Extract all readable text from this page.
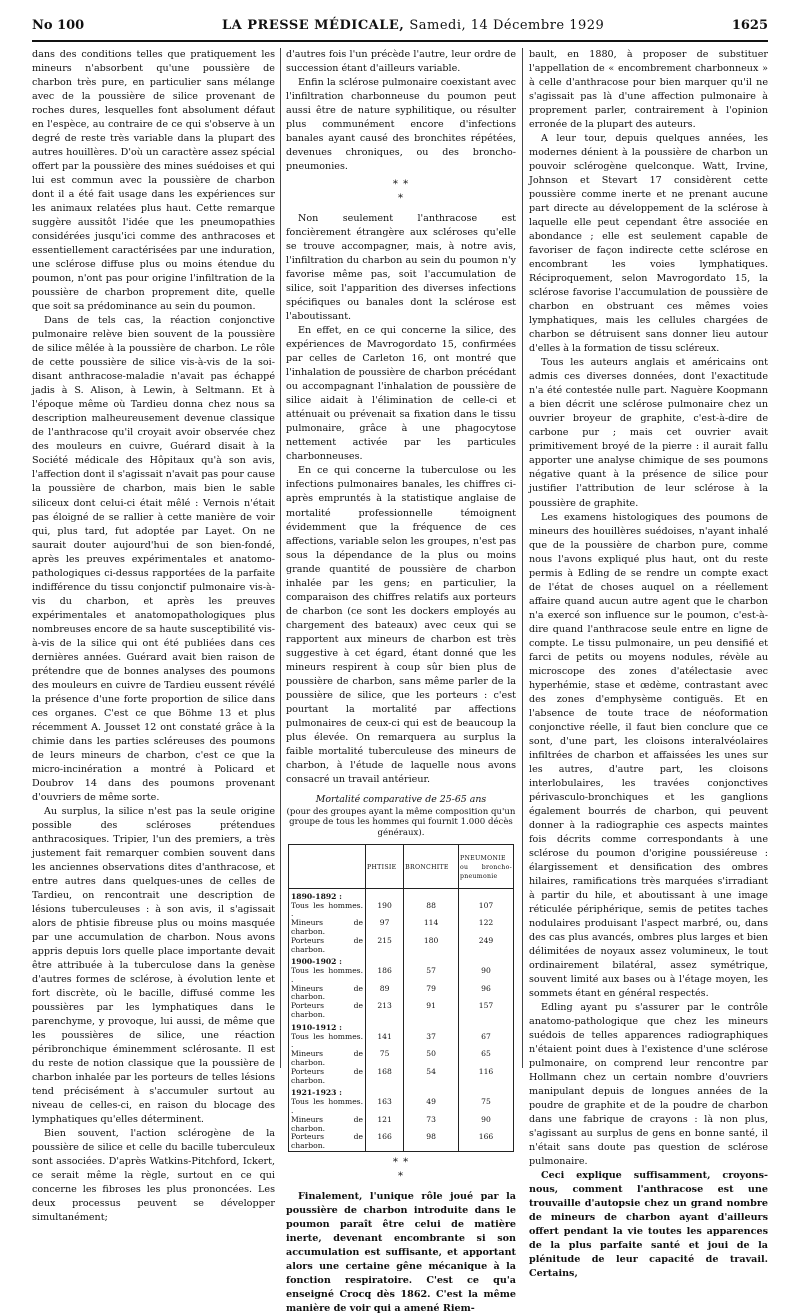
No 100	LA PRESSE MÉDICALE, Samedi, 14 Décembre 1929	1625

dans des conditions telles que pratiquement les mineurs n'absorbent qu'une poussière de charbon très pure, en particulier sans mélange avec de la poussière de silice provenant de roches dures, lesquelles font absolument défaut en l'espèce, au contraire de ce qui s'observe à un degré de reste très variable dans la plupart des autres houillères. D'où un caractère assez spécial offert par la poussière des mines suédoises et qui lui est commun avec la poussière de charbon dont il a été fait usage dans les expériences sur les animaux relatées plus haut. Cette remarque suggère aussitôt l'idée que les pneumopathies considérées jusqu'ici comme des anthracoses et essentiellement caractérisées par une induration, une sclérose diffuse plus ou moins étendue du poumon, n'ont pas pour origine l'infiltration de la poussière de charbon proprement dite, quelle que soit sa prédominance au sein du poumon.

Dans de tels cas, la réaction conjonctive pulmonaire relève bien souvent de la poussière de silice mêlée à la poussière de charbon. Le rôle de cette poussière de silice vis-à-vis de la soi-disant anthracose-maladie n'avait pas échappé jadis à S. Alison, à Lewin, à Seltmann. Et à l'époque même où Tardieu donna chez nous sa description malheureusement devenue classique de l'anthracose qu'il croyait avoir observée chez des mouleurs en cuivre, Guérard disait à la Société médicale des Hôpitaux qu'à son avis, l'affection dont il s'agissait n'avait pas pour cause la poussière de charbon, mais bien le sable siliceux dont celui-ci était mêlé : Vernois n'était pas éloigné de se rallier à cette manière de voir qui, plus tard, fut adoptée par Layet. On ne saurait douter aujourd'hui de son bien-fondé, après les preuves expérimentales et anatomo-pathologiques ci-dessus rapportées de la parfaite indifférence du tissu conjonctif pulmonaire vis-à-vis du charbon, et après les preuves expérimentales et anatomopathologiques plus nombreuses encore de sa haute susceptibilité vis-à-vis de la silice qui ont été publiées dans ces dernières années. Guérard avait bien raison de prétendre que de bonnes analyses des poumons des mouleurs en cuivre de Tardieu eussent révélé la présence d'une forte proportion de silice dans ces organes. C'est ce que Böhme 13 et plus récemment A. Jousset 12 ont constaté grâce à la chimie dans les parties scléreuses des poumons de leurs mineurs de charbon, c'est ce que la micro-incinération a montré à Policard et Doubrov 14 dans des poumons provenant d'ouvriers de même sorte.

Au surplus, la silice n'est pas la seule origine possible des scléroses prétendues anthracosiques. Tripier, l'un des premiers, a très justement fait remarquer combien souvent dans les anciennes observations dites d'anthracose, et entre autres dans quelques-unes de celles de Tardieu, on rencontrait une description de lésions tuberculeuses : à son avis, il s'agissait alors de phtisie fibreuse plus ou moins masquée par une accumulation de charbon. Nous avons appris depuis lors quelle place importante devait être attribuée à la tuberculose dans la genèse d'autres formes de sclérose, à évolution lente et fort discrète, où le bacille, diffusé comme les poussières par les lymphatiques dans le parenchyme, y provoque, lui aussi, de même que les poussières de silice, une réaction péribronchique éminemment sclérosante. Il est du reste de notion classique que la poussière de charbon inhalée par les porteurs de telles lésions tend précisément à s'accumuler surtout au niveau de celles-ci, en raison du blocage des lymphatiques qu'elles déterminent.

Bien souvent, l'action sclérogène de la poussière de silice et celle du bacille tuberculeux sont associées. D'après Watkins-Pitchford, Ickert, ce serait même la règle, surtout en ce qui concerne les fibroses les plus prononcées. Les deux processus peuvent se développer simultanément;

d'autres fois l'un précède l'autre, leur ordre de succession étant d'ailleurs variable.

Enfin la sclérose pulmonaire coexistant avec l'infiltration charbonneuse du poumon peut aussi être de nature syphilitique, ou résulter plus communément encore d'infections banales ayant causé des bronchites répétées, devenues chroniques, ou des broncho-pneumonies.

* *
*

Non seulement l'anthracose est foncièrement étrangère aux scléroses qu'elle se trouve accompagner, mais, à notre avis, l'infiltration du charbon au sein du poumon n'y favorise même pas, soit l'accumulation de silice, soit l'apparition des diverses infections spécifiques ou banales dont la sclérose est l'aboutissant.

En effet, en ce qui concerne la silice, des expériences de Mavrogordato 15, confirmées par celles de Carleton 16, ont montré que l'inhalation de poussière de charbon précédant ou accompagnant l'inhalation de poussière de silice aidait à l'élimination de celle-ci et atténuait ou prévenait sa fixation dans le tissu pulmonaire, grâce à une phagocytose nettement activée par les particules charbonneuses.

En ce qui concerne la tuberculose ou les infections pulmonaires banales, les chiffres ci-après empruntés à la statistique anglaise de mortalité professionnelle témoignent évidemment que la fréquence de ces affections, variable selon les groupes, n'est pas sous la dépendance de la plus ou moins grande quantité de poussière de charbon inhalée par les gens; en particulier, la comparaison des chiffres relatifs aux porteurs de charbon (ce sont les dockers employés au chargement des bateaux) avec ceux qui se rapportent aux mineurs de charbon est très suggestive à cet égard, étant donné que les mineurs respirent à coup sûr bien plus de poussière de charbon, sans même parler de la poussière de silice, que les porteurs : c'est pourtant la mortalité par affections pulmonaires de ceux-ci qui est de beaucoup la plus élevée. On remarquera au surplus la faible mortalité tuberculeuse des mineurs de charbon, à l'étude de laquelle nous avons consacré un travail antérieur.

Mortalité comparative de 25-65 ans
(pour des groupes ayant la même composition qu'un groupe de tous les hommes qui fournit 1.000 décès généraux).
	PHTISIE	BRONCHITE	PNEUMONIE ou broncho-pneumonie
1890-1892 :			
Tous les hommes. .	190	88	107
Mineurs de charbon.	97	114	122
Porteurs de charbon.	215	180	249
1900-1902 :			
Tous les hommes. .	186	57	90
Mineurs de charbon.	89	79	96
Porteurs de charbon.	213	91	157
1910-1912 :			
Tous les hommes. .	141	37	67
Mineurs de charbon.	75	50	65
Porteurs de charbon.	168	54	116
1921-1923 :			
Tous les hommes. .	163	49	75
Mineurs de charbon.	121	73	90
Porteurs de charbon.	166	98	166
* *
*

Finalement, l'unique rôle joué par la poussière de charbon introduite dans le poumon paraît être celui de matière inerte, devenant encombrante si son accumulation est suffisante, et apportant alors une certaine gêne mécanique à la fonction respiratoire. C'est ce qu'a enseigné Crocq dès 1862. C'est la même manière de voir qui a amené Riem-

bault, en 1880, à proposer de substituer l'appellation de « encombrement charbonneux » à celle d'anthracose pour bien marquer qu'il ne s'agissait pas là d'une affection pulmonaire à proprement parler, contrairement à l'opinion erronée de la plupart des auteurs.

A leur tour, depuis quelques années, les modernes dénient à la poussière de charbon un pouvoir sclérogène quelconque. Watt, Irvine, Johnson et Stevart 17 considèrent cette poussière comme inerte et ne prenant aucune part directe au développement de la sclérose à laquelle elle peut cependant être associée en abondance ; elle est seulement capable de favoriser de façon indirecte cette sclérose en encombrant les voies lymphatiques. Réciproquement, selon Mavrogordato 15, la sclérose favorise l'accumulation de poussière de charbon en obstruant ces mêmes voies lymphatiques, mais les cellules chargées de charbon se détruisent sans donner lieu autour d'elles à la formation de tissu scléreux.

Tous les auteurs anglais et américains ont admis ces diverses données, dont l'exactitude n'a été contestée nulle part. Naguère Koopmann a bien décrit une sclérose pulmonaire chez un ouvrier broyeur de graphite, c'est-à-dire de carbone pur ; mais cet ouvrier avait primitivement broyé de la pierre : il aurait fallu apporter une analyse chimique de ses poumons négative quant à la présence de silice pour justifier l'attribution de leur sclérose à la poussière de graphite.

Les examens histologiques des poumons de mineurs des houillères suédoises, n'ayant inhalé que de la poussière de charbon pure, comme nous l'avons expliqué plus haut, ont du reste permis à Edling de se rendre un compte exact de l'état de choses auquel on a réellement affaire quand aucun autre agent que le charbon n'a exercé son influence sur le poumon, c'est-à-dire quand l'anthracose seule entre en ligne de compte. Le tissu pulmonaire, un peu densifié et farci de petits ou moyens nodules, révèle au microscope des zones d'atélectasie avec hyperhémie, stase et œdème, contrastant avec des zones d'emphysème contiguës. Et en l'absence de toute trace de néoformation conjonctive réelle, il faut bien conclure que ce sont, d'une part, les cloisons interalvéolaires infiltrées de charbon et affaissées les unes sur les autres, d'autre part, les cloisons interlobulaires, les travées conjonctives périvasculo-bronchiques et les ganglions également bourrés de charbon, qui peuvent donner à la radiographie ces aspects maintes fois décrits comme correspondants à une sclérose du poumon d'origine poussiéreuse : élargissement et densification des ombres hilaires, ramifications très marquées s'irradiant à partir du hile, et aboutissant à une image réticulée périphérique, semis de petites taches nodulaires produisant l'aspect marbré, ou, dans des cas plus avancés, ombres plus larges et bien délimitées de noyaux assez volumineux, le tout ordinairement bilatéral, assez symétrique, souvent limité aux bases ou à l'étage moyen, les sommets étant en général respectés.

Edling ayant pu s'assurer par le contrôle anatomo-pathologique que chez les mineurs suédois de telles apparences radiographiques n'étaient point dues à l'existence d'une sclérose pulmonaire, on comprend leur rencontre par Hollmann chez un certain nombre d'ouvriers manipulant depuis de longues années de la poudre de graphite et de la poudre de charbon dans une fabrique de crayons : là non plus, s'agissant au surplus de gens en bonne santé, il n'était sans doute pas question de sclérose pulmonaire.

Ceci explique suffisamment, croyons-nous, comment l'anthracose est une trouvaille d'autopsie chez un grand nombre de mineurs de charbon ayant d'ailleurs offert pendant la vie toutes les apparences de la plus parfaite santé et joui de la plénitude de leur capacité de travail. Certains,
